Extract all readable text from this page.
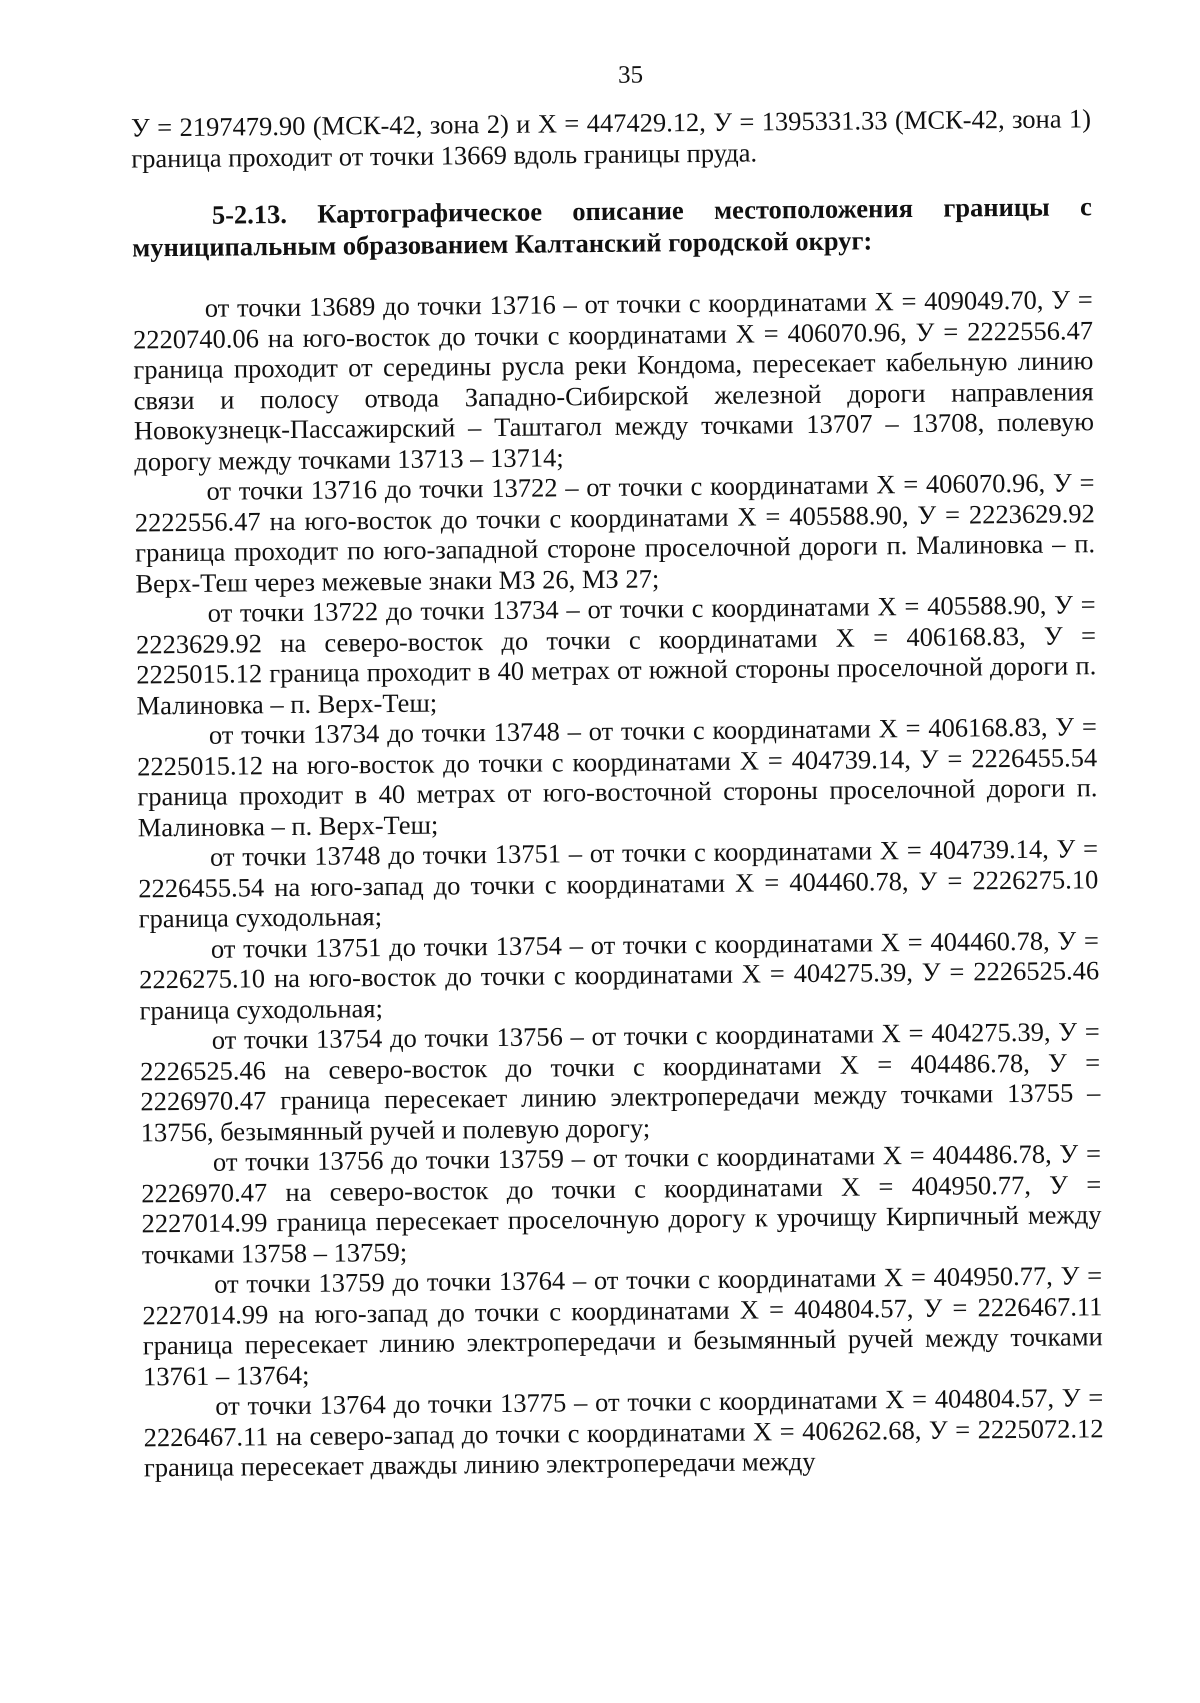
35

У = 2197479.90 (МСК-42, зона 2) и Х = 447429.12, У = 1395331.33 (МСК-42, зона 1) граница проходит от точки 13669 вдоль границы пруда.

5-2.13. Картографическое описание местоположения границы с муниципальным образованием Калтанский городской округ:

от точки 13689 до точки 13716 – от точки с координатами Х = 409049.70, У = 2220740.06 на юго-восток до точки с координатами Х = 406070.96, У = 2222556.47 граница проходит от середины русла реки Кондома, пересекает кабельную линию связи и полосу отвода Западно-Сибирской железной дороги направления Новокузнецк-Пассажирский – Таштагол между точками 13707 – 13708, полевую дорогу между точками 13713 – 13714;

от точки 13716 до точки 13722 – от точки с координатами Х = 406070.96, У = 2222556.47 на юго-восток до точки с координатами Х = 405588.90, У = 2223629.92 граница проходит по юго-западной стороне проселочной дороги п. Малиновка – п. Верх-Теш через межевые знаки МЗ 26, МЗ 27;

от точки 13722 до точки 13734 – от точки с координатами Х = 405588.90, У = 2223629.92 на северо-восток до точки с координатами Х = 406168.83, У = 2225015.12 граница проходит в 40 метрах от южной стороны проселочной дороги п. Малиновка – п. Верх-Теш;

от точки 13734 до точки 13748 – от точки с координатами Х = 406168.83, У = 2225015.12 на юго-восток до точки с координатами Х = 404739.14, У = 2226455.54 граница проходит в 40 метрах от юго-восточной стороны проселочной дороги п. Малиновка – п. Верх-Теш;

от точки 13748 до точки 13751 – от точки с координатами Х = 404739.14, У = 2226455.54 на юго-запад до точки с координатами Х = 404460.78, У = 2226275.10 граница суходольная;

от точки 13751 до точки 13754 – от точки с координатами Х = 404460.78, У = 2226275.10 на юго-восток до точки с координатами Х = 404275.39, У = 2226525.46 граница суходольная;

от точки 13754 до точки 13756 – от точки с координатами Х = 404275.39, У = 2226525.46 на северо-восток до точки с координатами Х = 404486.78, У = 2226970.47 граница пересекает линию электропередачи между точками 13755 – 13756, безымянный ручей и полевую дорогу;

от точки 13756 до точки 13759 – от точки с координатами Х = 404486.78, У = 2226970.47 на северо-восток до точки с координатами Х = 404950.77, У = 2227014.99 граница пересекает проселочную дорогу к урочищу Кирпичный между точками 13758 – 13759;

от точки 13759 до точки 13764 – от точки с координатами Х = 404950.77, У = 2227014.99 на юго-запад до точки с координатами Х = 404804.57, У = 2226467.11 граница пересекает линию электропередачи и безымянный ручей между точками 13761 – 13764;

от точки 13764 до точки 13775 – от точки с координатами Х = 404804.57, У = 2226467.11 на северо-запад до точки с координатами Х = 406262.68, У = 2225072.12 граница пересекает дважды линию электропередачи между
